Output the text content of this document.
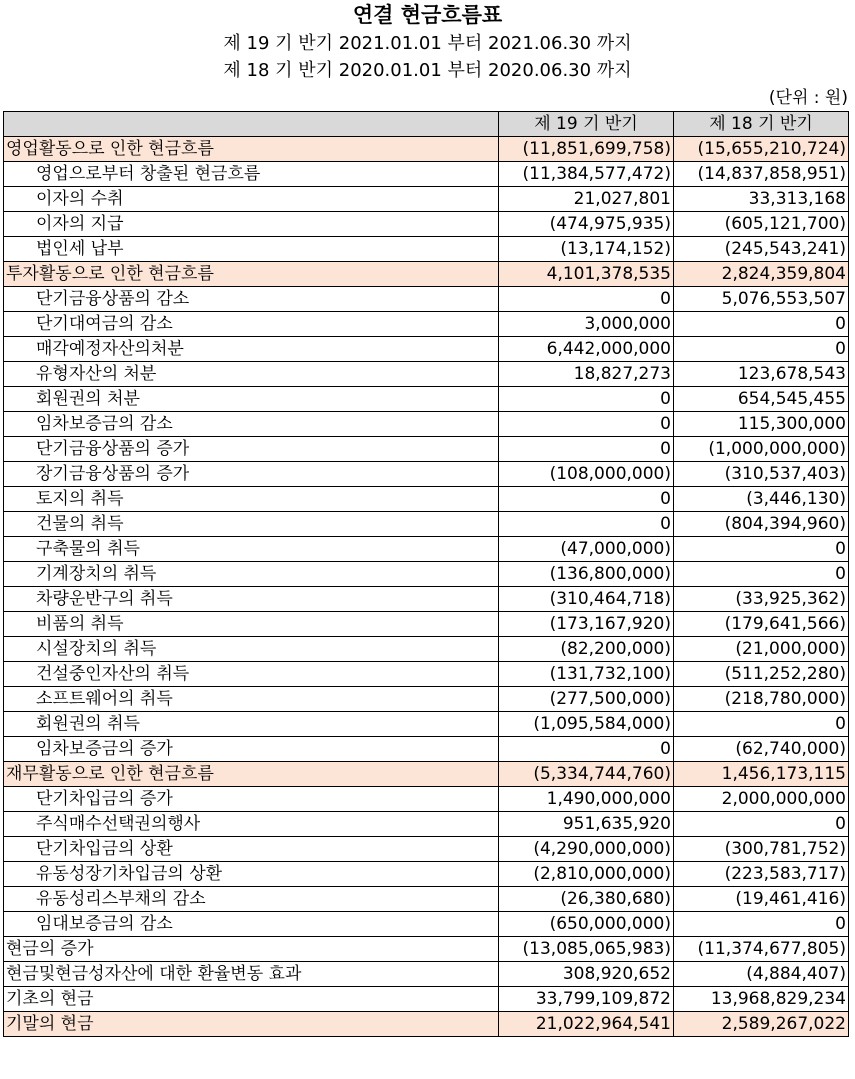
연결 현금흐름표
제 19 기 반기 2021.01.01 부터 2021.06.30 까지
제 18 기 반기 2020.01.01 부터 2020.06.30 까지
(단위 : 원)
	제 19 기 반기	제 18 기 반기
영업활동으로 인한 현금흐름	(11,851,699,758)	(15,655,210,724)
영업으로부터 창출된 현금흐름	(11,384,577,472)	(14,837,858,951)
이자의 수취	21,027,801	33,313,168
이자의 지급	(474,975,935)	(605,121,700)
법인세 납부	(13,174,152)	(245,543,241)
투자활동으로 인한 현금흐름	4,101,378,535	2,824,359,804
단기금융상품의 감소	0	5,076,553,507
단기대여금의 감소	3,000,000	0
매각예정자산의처분	6,442,000,000	0
유형자산의 처분	18,827,273	123,678,543
회원권의 처분	0	654,545,455
임차보증금의 감소	0	115,300,000
단기금융상품의 증가	0	(1,000,000,000)
장기금융상품의 증가	(108,000,000)	(310,537,403)
토지의 취득	0	(3,446,130)
건물의 취득	0	(804,394,960)
구축물의 취득	(47,000,000)	0
기계장치의 취득	(136,800,000)	0
차량운반구의 취득	(310,464,718)	(33,925,362)
비품의 취득	(173,167,920)	(179,641,566)
시설장치의 취득	(82,200,000)	(21,000,000)
건설중인자산의 취득	(131,732,100)	(511,252,280)
소프트웨어의 취득	(277,500,000)	(218,780,000)
회원권의 취득	(1,095,584,000)	0
임차보증금의 증가	0	(62,740,000)
재무활동으로 인한 현금흐름	(5,334,744,760)	1,456,173,115
단기차입금의 증가	1,490,000,000	2,000,000,000
주식매수선택권의행사	951,635,920	0
단기차입금의 상환	(4,290,000,000)	(300,781,752)
유동성장기차입금의 상환	(2,810,000,000)	(223,583,717)
유동성리스부채의 감소	(26,380,680)	(19,461,416)
임대보증금의 감소	(650,000,000)	0
현금의 증가	(13,085,065,983)	(11,374,677,805)
현금및현금성자산에 대한 환율변동 효과	308,920,652	(4,884,407)
기초의 현금	33,799,109,872	13,968,829,234
기말의 현금	21,022,964,541	2,589,267,022
